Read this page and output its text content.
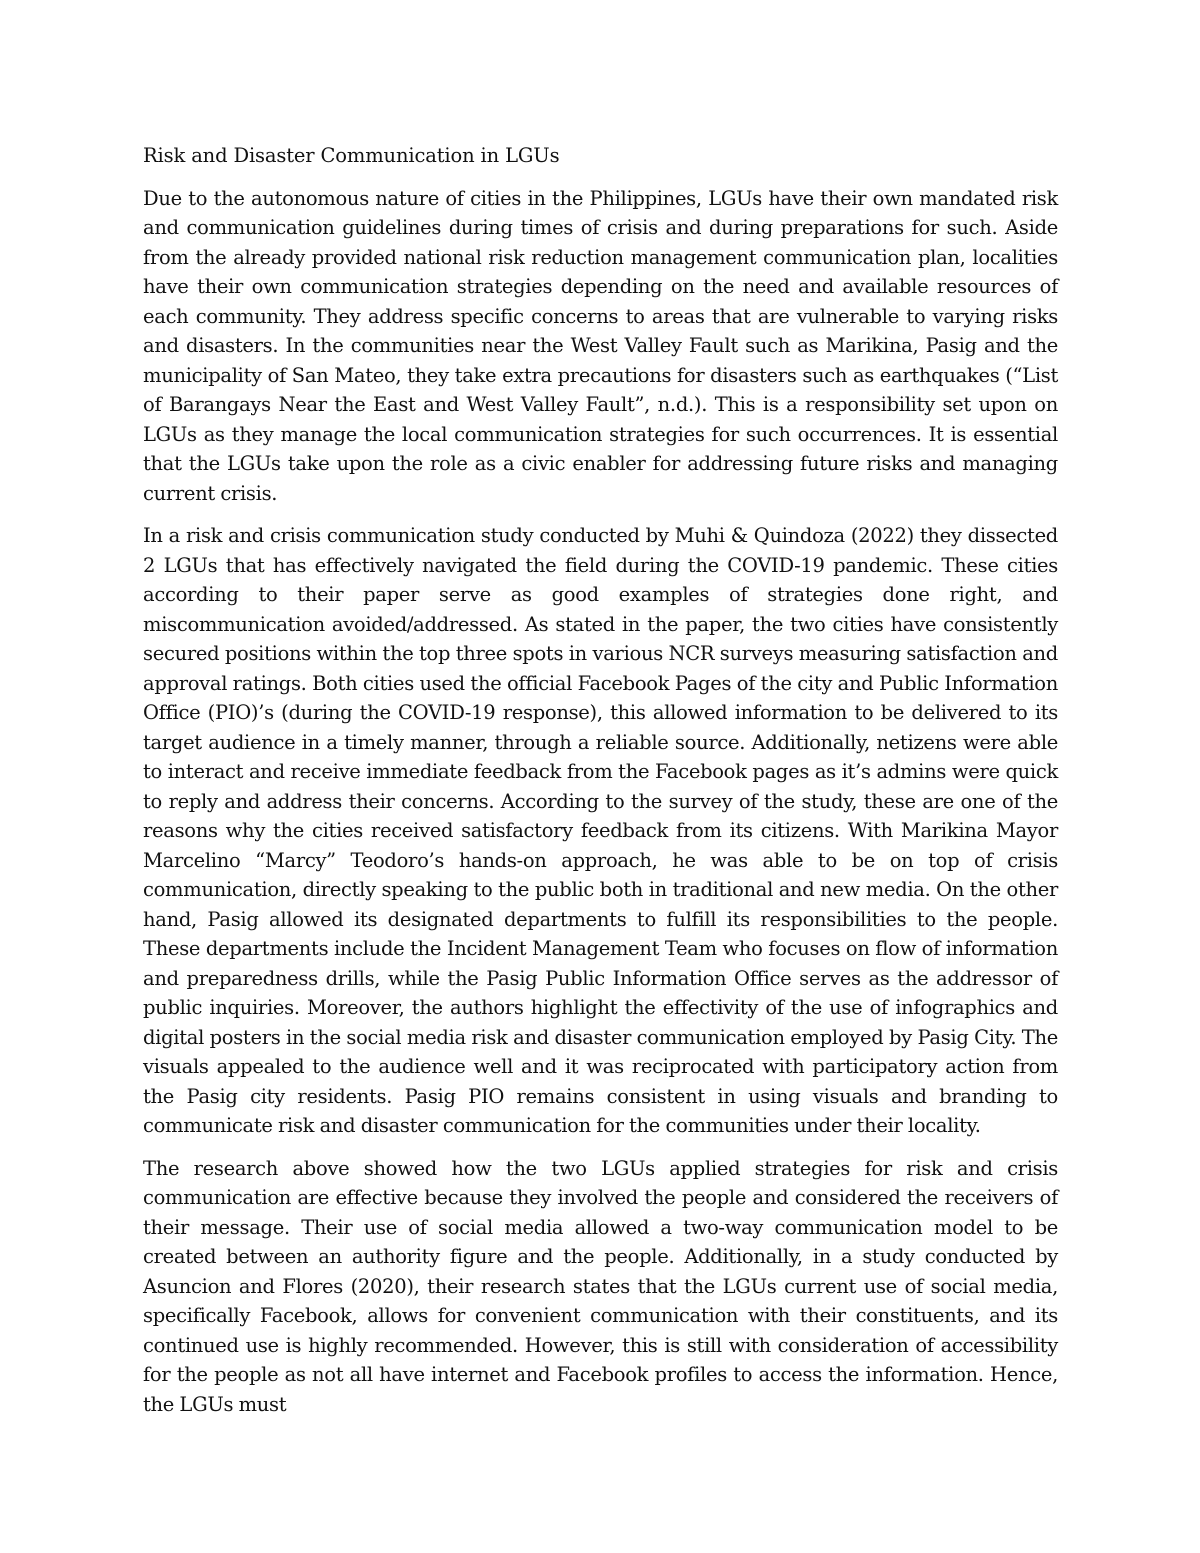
Risk and Disaster Communication in LGUs

Due to the autonomous nature of cities in the Philippines, LGUs have their own mandated risk and communication guidelines during times of crisis and during preparations for such. Aside from the already provided national risk reduction management communication plan, localities have their own communication strategies depending on the need and available resources of each community. They address specific concerns to areas that are vulnerable to varying risks and disasters. In the communities near the West Valley Fault such as Marikina, Pasig and the municipality of San Mateo, they take extra precautions for disasters such as earthquakes (“List of Barangays Near the East and West Valley Fault”, n.d.). This is a responsibility set upon on LGUs as they manage the local communication strategies for such occurrences. It is essential that the LGUs take upon the role as a civic enabler for addressing future risks and managing current crisis.

In a risk and crisis communication study conducted by Muhi & Quindoza (2022) they dissected 2 LGUs that has effectively navigated the field during the COVID-19 pandemic. These cities according to their paper serve as good examples of strategies done right, and miscommunication avoided/addressed. As stated in the paper, the two cities have consistently secured positions within the top three spots in various NCR surveys measuring satisfaction and approval ratings. Both cities used the official Facebook Pages of the city and Public Information Office (PIO)’s (during the COVID-19 response), this allowed information to be delivered to its target audience in a timely manner, through a reliable source. Additionally, netizens were able to interact and receive immediate feedback from the Facebook pages as it’s admins were quick to reply and address their concerns. According to the survey of the study, these are one of the reasons why the cities received satisfactory feedback from its citizens. With Marikina Mayor Marcelino “Marcy” Teodoro’s hands-on approach, he was able to be on top of crisis communication, directly speaking to the public both in traditional and new media. On the other hand, Pasig allowed its designated departments to fulfill its responsibilities to the people. These departments include the Incident Management Team who focuses on flow of information and preparedness drills, while the Pasig Public Information Office serves as the addressor of public inquiries. Moreover, the authors highlight the effectivity of the use of infographics and digital posters in the social media risk and disaster communication employed by Pasig City. The visuals appealed to the audience well and it was reciprocated with participatory action from the Pasig city residents. Pasig PIO remains consistent in using visuals and branding to communicate risk and disaster communication for the communities under their locality.

The research above showed how the two LGUs applied strategies for risk and crisis communication are effective because they involved the people and considered the receivers of their message. Their use of social media allowed a two-way communication model to be created between an authority figure and the people. Additionally, in a study conducted by Asuncion and Flores (2020), their research states that the LGUs current use of social media, specifically Facebook, allows for convenient communication with their constituents, and its continued use is highly recommended. However, this is still with consideration of accessibility for the people as not all have internet and Facebook profiles to access the information. Hence, the LGUs must
